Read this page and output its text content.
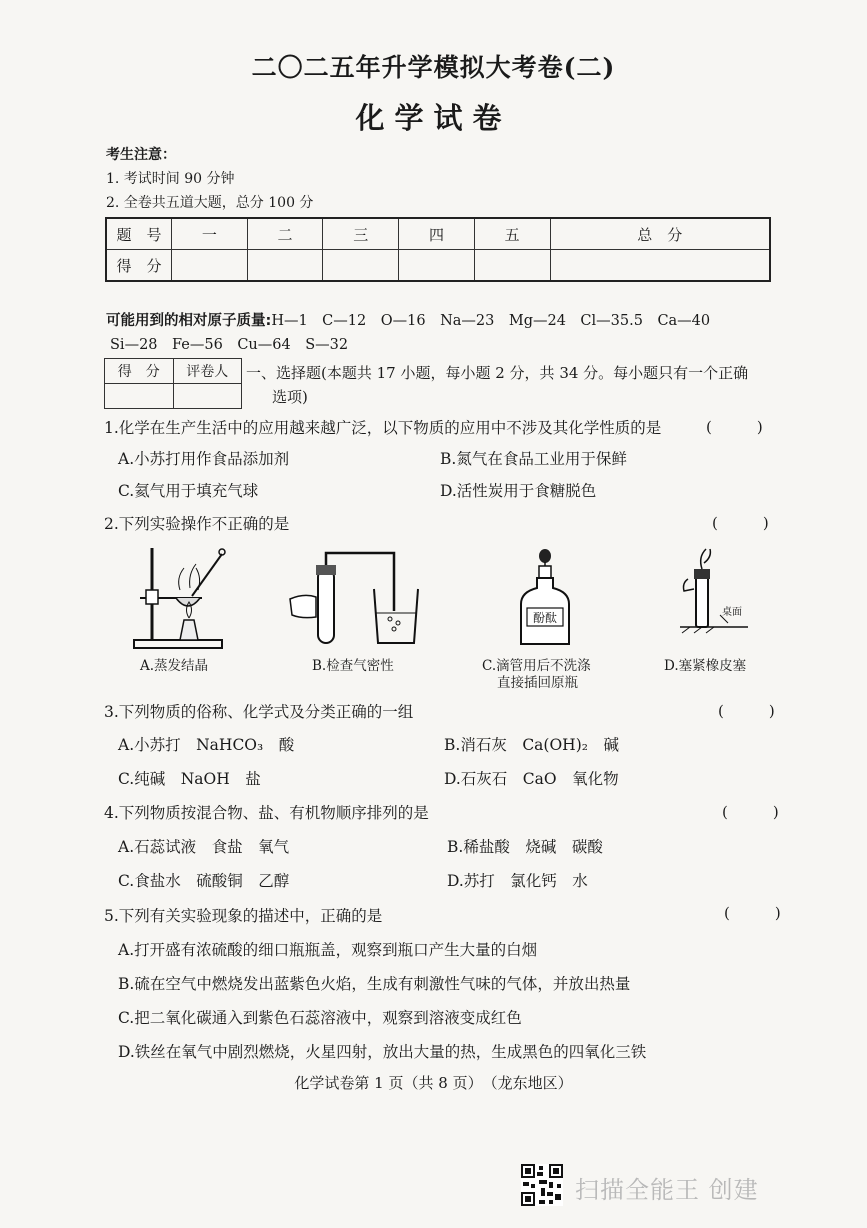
二〇二五年升学模拟大考卷(二)
化学试卷
考生注意：
1. 考试时间 90 分钟
2. 全卷共五道大题，总分 100 分
题　号	一	二	三	四	五	总　分
得　分						
可能用到的相对原子质量:H—1　C—12　O—16　Na—23　Mg—24　Cl—35.5　Ca—40
Si—28　Fe—56　Cu—64　S—32
得　分	评卷人
	一、选择题(本题共 17 小题，每小题 2 分，共 34 分。每小题只有一个正确
选项)
1.化学在生产生活中的应用越来越广泛，以下物质的应用中不涉及其化学性质的是	(　　　)
A.小苏打用作食品添加剂	B.氮气在食品工业用于保鲜
C.氦气用于填充气球	D.活性炭用于食糖脱色
2.下列实验操作不正确的是	(　　　)
A.蒸发结晶	B.检查气密性
酚酞
C.滴管用后不洗涤
直接插回原瓶
桌面
D.塞紧橡皮塞
3.下列物质的俗称、化学式及分类正确的一组	(　　　)
A.小苏打　NaHCO₃　酸	B.消石灰　Ca(OH)₂　碱
C.纯碱　NaOH　盐	D.石灰石　CaO　氧化物
4.下列物质按混合物、盐、有机物顺序排列的是	(　　　)
A.石蕊试液　食盐　氧气	B.稀盐酸　烧碱　碳酸
C.食盐水　硫酸铜　乙醇	D.苏打　氯化钙　水
5.下列有关实验现象的描述中，正确的是	(　　　)
A.打开盛有浓硫酸的细口瓶瓶盖，观察到瓶口产生大量的白烟
B.硫在空气中燃烧发出蓝紫色火焰，生成有刺激性气味的气体，并放出热量
C.把二氧化碳通入到紫色石蕊溶液中，观察到溶液变成红色
D.铁丝在氧气中剧烈燃烧，火星四射，放出大量的热，生成黑色的四氧化三铁
化学试卷第 1 页（共 8 页）　（龙东地区）
扫描全能王 创建
